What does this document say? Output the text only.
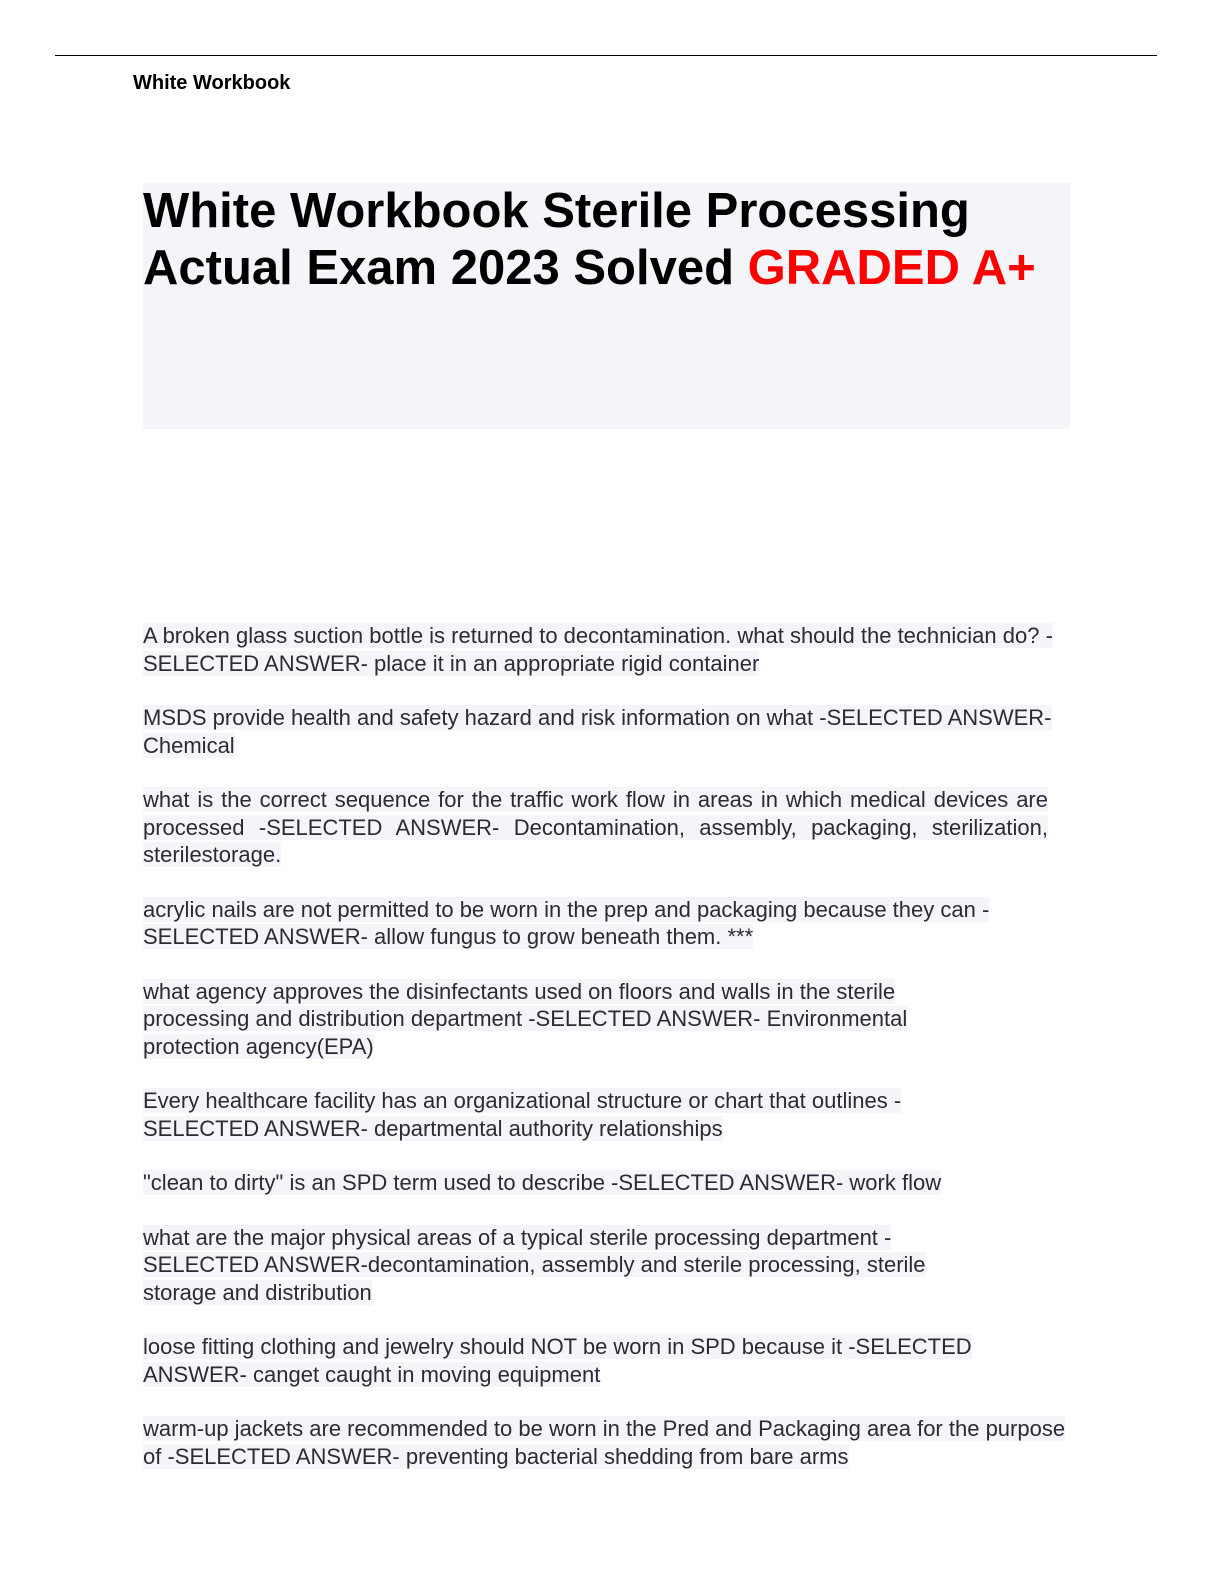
White Workbook
White Workbook Sterile Processing Actual Exam 2023 Solved GRADED A+
A broken glass suction bottle is returned to decontamination. what should the technician do? -SELECTED ANSWER- place it in an appropriate rigid container
MSDS provide health and safety hazard and risk information on what -SELECTED ANSWER-Chemical
what is the correct sequence for the traffic work flow in areas in which medical devices are processed -SELECTED ANSWER- Decontamination, assembly, packaging, sterilization, sterilestorage.
acrylic nails are not permitted to be worn in the prep and packaging because they can -SELECTED ANSWER- allow fungus to grow beneath them. ***
what agency approves the disinfectants used on floors and walls in the sterile processing and distribution department -SELECTED ANSWER- Environmental protection agency(EPA)
Every healthcare facility has an organizational structure or chart that outlines -SELECTED ANSWER- departmental authority relationships
"clean to dirty" is an SPD term used to describe -SELECTED ANSWER- work flow
what are the major physical areas of a typical sterile processing department -SELECTED ANSWER-decontamination, assembly and sterile processing, sterile storage and distribution
loose fitting clothing and jewelry should NOT be worn in SPD because it -SELECTED ANSWER- canget caught in moving equipment
warm-up jackets are recommended to be worn in the Pred and Packaging area for the purpose of -SELECTED ANSWER- preventing bacterial shedding from bare arms
